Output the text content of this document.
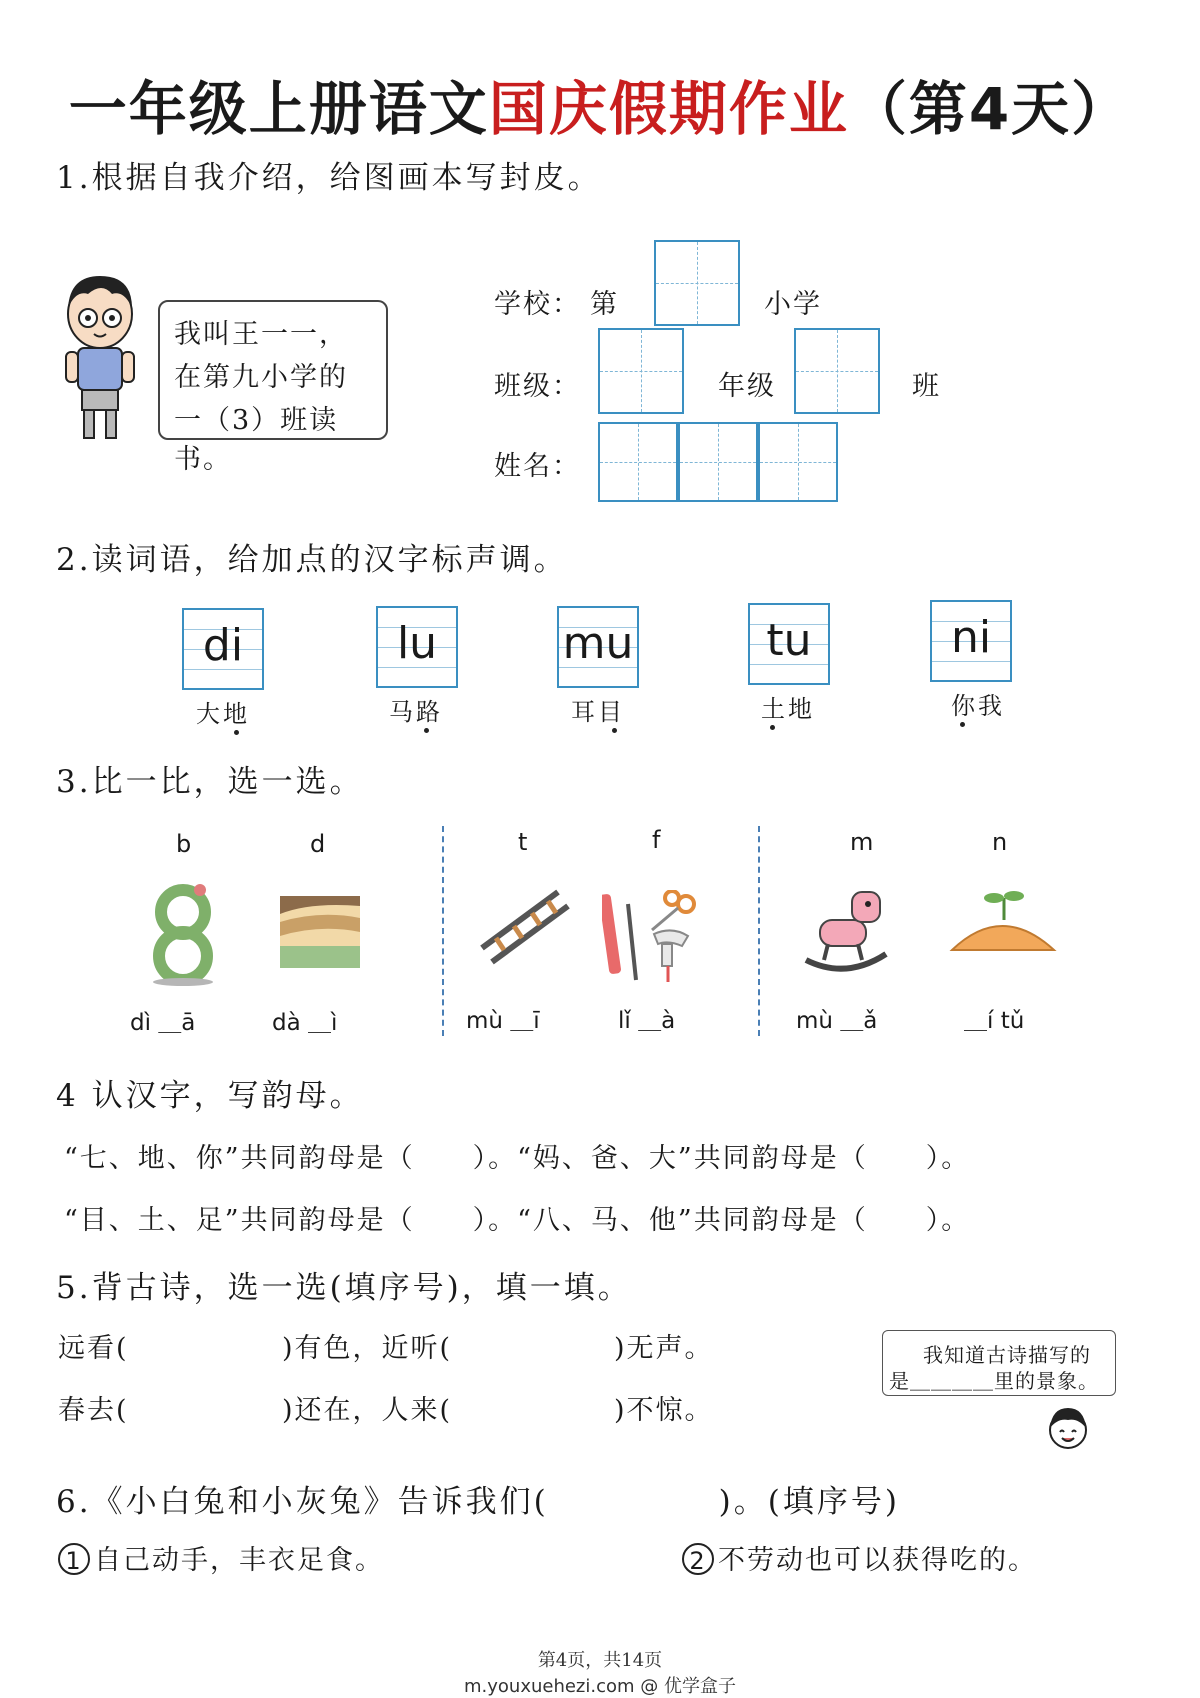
一年级上册语文国庆假期作业（第4天）
1.根据自我介绍，给图画本写封皮。
我叫王一一，
在第九小学的
一（3）班读书。
学校： 第	小学
班级：	年级	班
姓名：
2.读词语，给加点的汉字标声调。
di
大地
lu
马路
mu
耳目
tu
土地
ni
你我
3.比一比，选一选。
b	d	t	f	m	n
dì ＿ā	dà ＿ì	mù ＿ī	lǐ ＿à	mù ＿ǎ	＿í tǔ
4 认汉字，写韵母。
“七、地、你”共同韵母是（　　）。“妈、爸、大”共同韵母是（　　）。
“目、土、足”共同韵母是（　　）。“八、马、他”共同韵母是（　　）。
5.背古诗，选一选(填序号)，填一填。
远看(	)有色，近听(	)无声。
春去(	)还在，人来(	)不惊。
我知道古诗描写的
是＿＿＿＿里的景象。
6.《小白兔和小灰兔》告诉我们(　　　　　)。(填序号)
1 自己动手，丰衣足食。	2 不劳动也可以获得吃的。
第4页，共14页
m.youxuehezi.com @ 优学盒子
